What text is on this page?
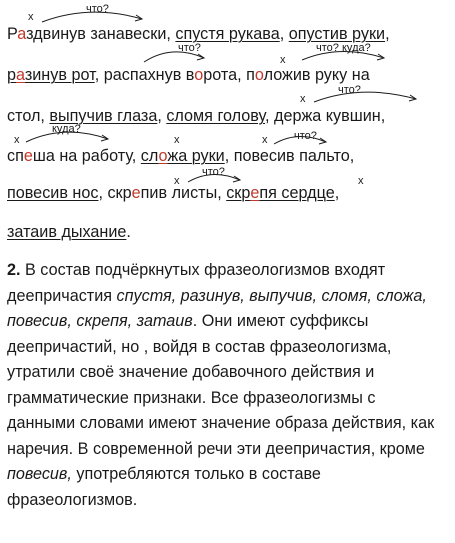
Раздвинув занавески, спустя рукава, опустив руки,
разинув рот, распахнув ворота, положив руку на
стол, выпучив глаза, сломя голову, держа кувшин,
спеша на работу, сложа руки, повесив пальто,
повесив нос, скрепив листы, скрепя сердце,
затаив дыхание.
х
что?
что?
х
что? куда?
х
что?
х
куда?
х	х что?
х
что?
х
2. В состав подчёркнутых фразеологизмов входят деепричастия спустя, разинув, выпучив, сломя, сложа, повесив, скрепя, затаив. Они имеют суффиксы деепричастий, но , войдя в состав фразеологизма, утратили своё значение добавочного действия и грамматические признаки. Все фразеологизмы с данными словами имеют значение образа действия, как наречия. В современной речи эти деепричастия, кроме повесив, употребляются только в составе фразеологизмов.
